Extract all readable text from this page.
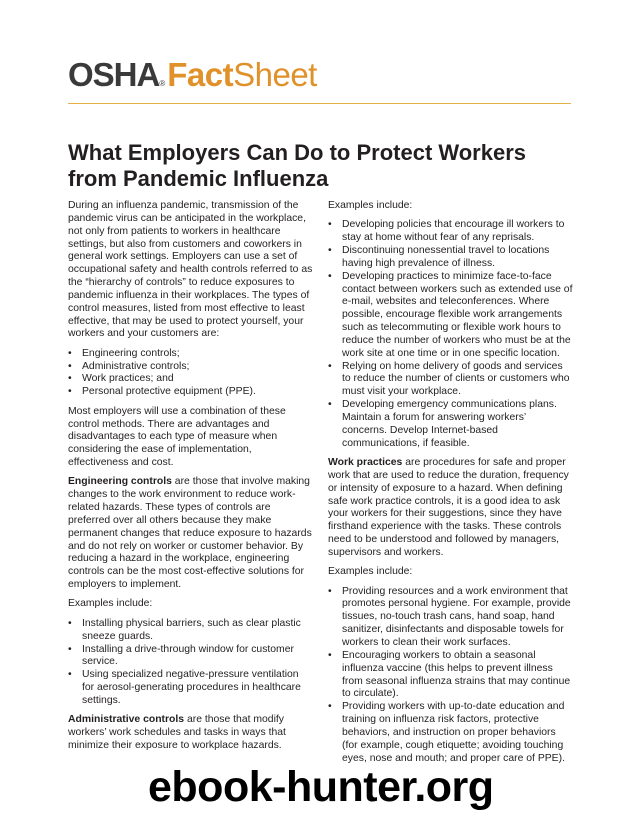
OSHA ® Fact Sheet
What Employers Can Do to Protect Workers
from Pandemic Influenza

During an influenza pandemic, transmission of the pandemic virus can be anticipated in the workplace, not only from patients to workers in healthcare settings, but also from customers and coworkers in general work settings. Employers can use a set of occupational safety and health controls referred to as the “hierarchy of controls” to reduce exposures to pandemic influenza in their workplaces. The types of control measures, listed from most effective to least effective, that may be used to protect yourself, your workers and your customers are:

• Engineering controls;
• Administrative controls;
• Work practices; and
• Personal protective equipment (PPE).

Most employers will use a combination of these control methods. There are advantages and disadvantages to each type of measure when considering the ease of implementation, effectiveness and cost.

Engineering controls are those that involve making changes to the work environment to reduce work-related hazards. These types of controls are preferred over all others because they make permanent changes that reduce exposure to hazards and do not rely on worker or customer behavior. By reducing a hazard in the workplace, engineering controls can be the most cost-effective solutions for employers to implement.

Examples include:

• Installing physical barriers, such as clear plastic sneeze guards.
• Installing a drive-through window for customer service.
• Using specialized negative-pressure ventilation for aerosol-generating procedures in healthcare settings.

Administrative controls are those that modify workers’ work schedules and tasks in ways that minimize their exposure to workplace hazards.

Examples include:

• Developing policies that encourage ill workers to stay at home without fear of any reprisals.
• Discontinuing nonessential travel to locations having high prevalence of illness.
• Developing practices to minimize face-to-face contact between workers such as extended use of e-mail, websites and teleconferences. Where possible, encourage flexible work arrangements such as telecommuting or flexible work hours to reduce the number of workers who must be at the work site at one time or in one specific location.
• Relying on home delivery of goods and services to reduce the number of clients or customers who must visit your workplace.
• Developing emergency communications plans. Maintain a forum for answering workers’ concerns. Develop Internet-based communications, if feasible.

Work practices are procedures for safe and proper work that are used to reduce the duration, frequency or intensity of exposure to a hazard. When defining safe work practice controls, it is a good idea to ask your workers for their suggestions, since they have firsthand experience with the tasks. These controls need to be understood and followed by managers, supervisors and workers.

Examples include:

• Providing resources and a work environment that promotes personal hygiene. For example, provide tissues, no-touch trash cans, hand soap, hand sanitizer, disinfectants and disposable towels for workers to clean their work surfaces.
• Encouraging workers to obtain a seasonal influenza vaccine (this helps to prevent illness from seasonal influenza strains that may continue to circulate).
• Providing workers with up-to-date education and training on influenza risk factors, protective behaviors, and instruction on proper behaviors (for example, cough etiquette; avoiding touching eyes, nose and mouth; and proper care of PPE).
ebook-hunter.org
